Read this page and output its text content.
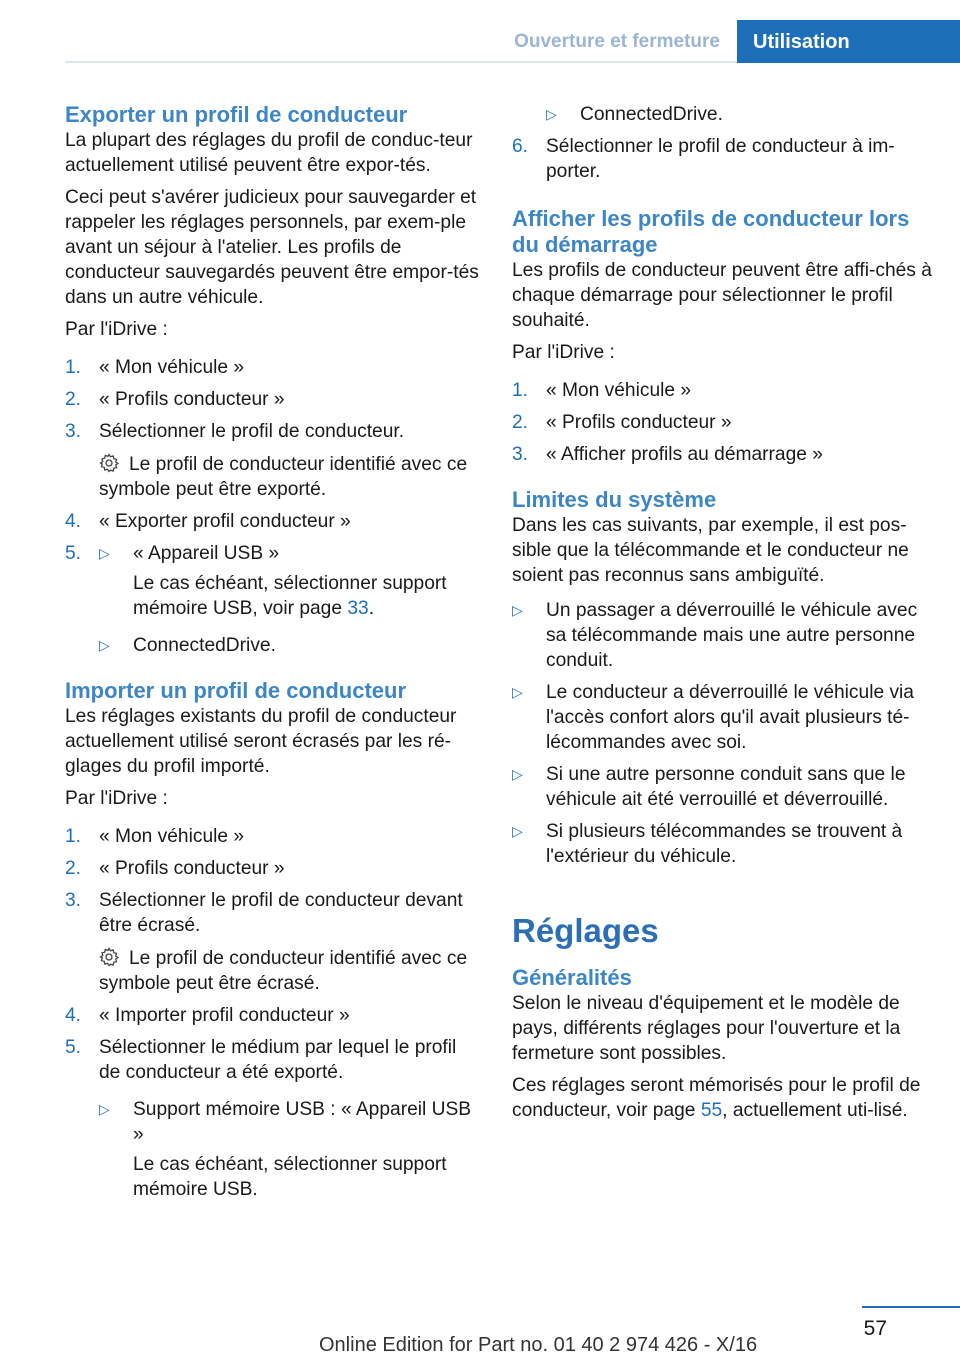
Ouverture et fermeture Utilisation
Exporter un profil de conducteur

La plupart des réglages du profil de conduc-teur actuellement utilisé peuvent être expor-tés.

Ceci peut s'avérer judicieux pour sauvegarder et rappeler les réglages personnels, par exem-ple avant un séjour à l'atelier. Les profils de conducteur sauvegardés peuvent être empor-tés dans un autre véhicule.

Par l'iDrive :

1. « Mon véhicule »
2. « Profils conducteur »
3. Sélectionner le profil de conducteur.
Le profil de conducteur identifié avec ce symbole peut être exporté.
4. « Exporter profil conducteur »
5.	▷	« Appareil USB »
Le cas échéant, sélectionner support mémoire USB, voir page 33.
▷	ConnectedDrive.
Importer un profil de conducteur

Les réglages existants du profil de conducteur actuellement utilisé seront écrasés par les ré-glages du profil importé.

Par l'iDrive :

1. « Mon véhicule »
2. « Profils conducteur »
3. Sélectionner le profil de conducteur devant être écrasé.
Le profil de conducteur identifié avec ce symbole peut être écrasé.
4. « Importer profil conducteur »
5. Sélectionner le médium par lequel le profil de conducteur a été exporté.
▷	Support mémoire USB : « Appareil USB »
Le cas échéant, sélectionner support mémoire USB.
▷	ConnectedDrive.
6. Sélectionner le profil de conducteur à im-porter.
Afficher les profils de conducteur lors du démarrage

Les profils de conducteur peuvent être affi-chés à chaque démarrage pour sélectionner le profil souhaité.

Par l'iDrive :

1. « Mon véhicule »
2. « Profils conducteur »
3. « Afficher profils au démarrage »
Limites du système

Dans les cas suivants, par exemple, il est pos-sible que la télécommande et le conducteur ne soient pas reconnus sans ambiguïté.

▷	Un passager a déverrouillé le véhicule avec sa télécommande mais une autre personne conduit.
▷	Le conducteur a déverrouillé le véhicule via l'accès confort alors qu'il avait plusieurs té-lécommandes avec soi.
▷	Si une autre personne conduit sans que le véhicule ait été verrouillé et déverrouillé.
▷	Si plusieurs télécommandes se trouvent à l'extérieur du véhicule.
Réglages
Généralités

Selon le niveau d'équipement et le modèle de pays, différents réglages pour l'ouverture et la fermeture sont possibles.

Ces réglages seront mémorisés pour le profil de conducteur, voir page 55, actuellement uti-lisé.

57
Online Edition for Part no. 01 40 2 974 426 - X/16
